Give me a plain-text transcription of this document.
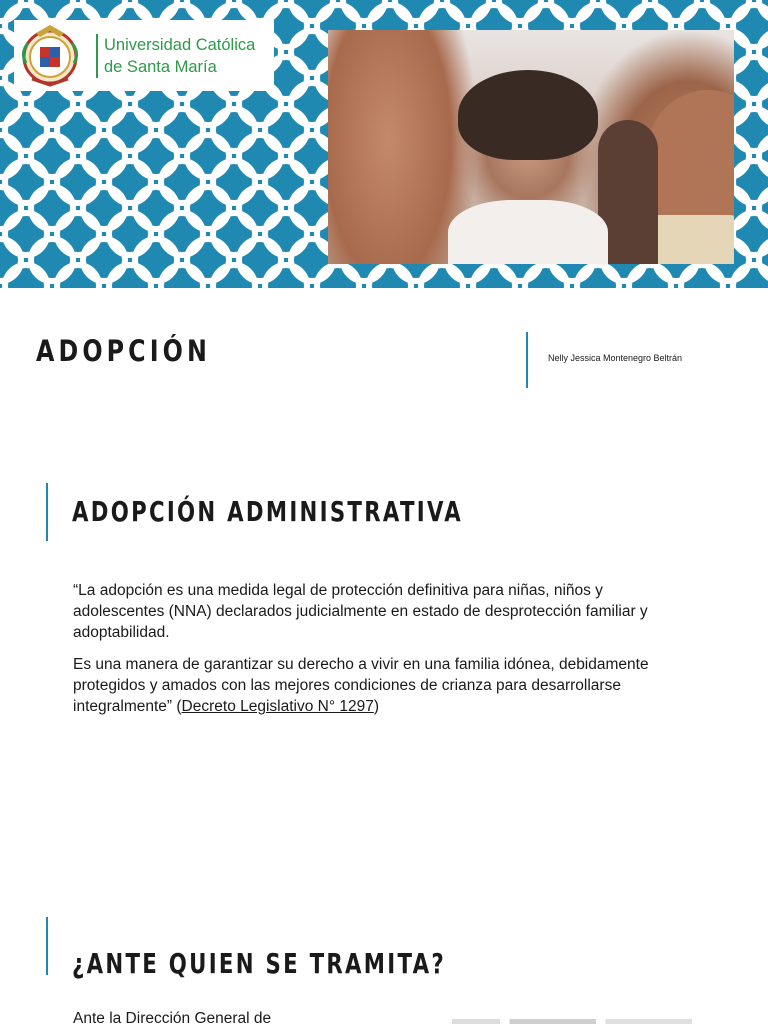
Universidad Católica
de Santa María
ADOPCIÓN	Nelly Jessica Montenegro Beltrán
ADOPCIÓN ADMINISTRATIVA

“La adopción es una medida legal de protección definitiva para niñas, niños y adolescentes (NNA) declarados judicialmente en estado de desprotección familiar y adoptabilidad.

Es una manera de garantizar su derecho a vivir en una familia idónea, debidamente protegidos y amados con las mejores condiciones de crianza para desarrollarse integralmente” (Decreto Legislativo N° 1297)

¿ANTE QUIEN SE TRAMITA?
Ante la Dirección General de
